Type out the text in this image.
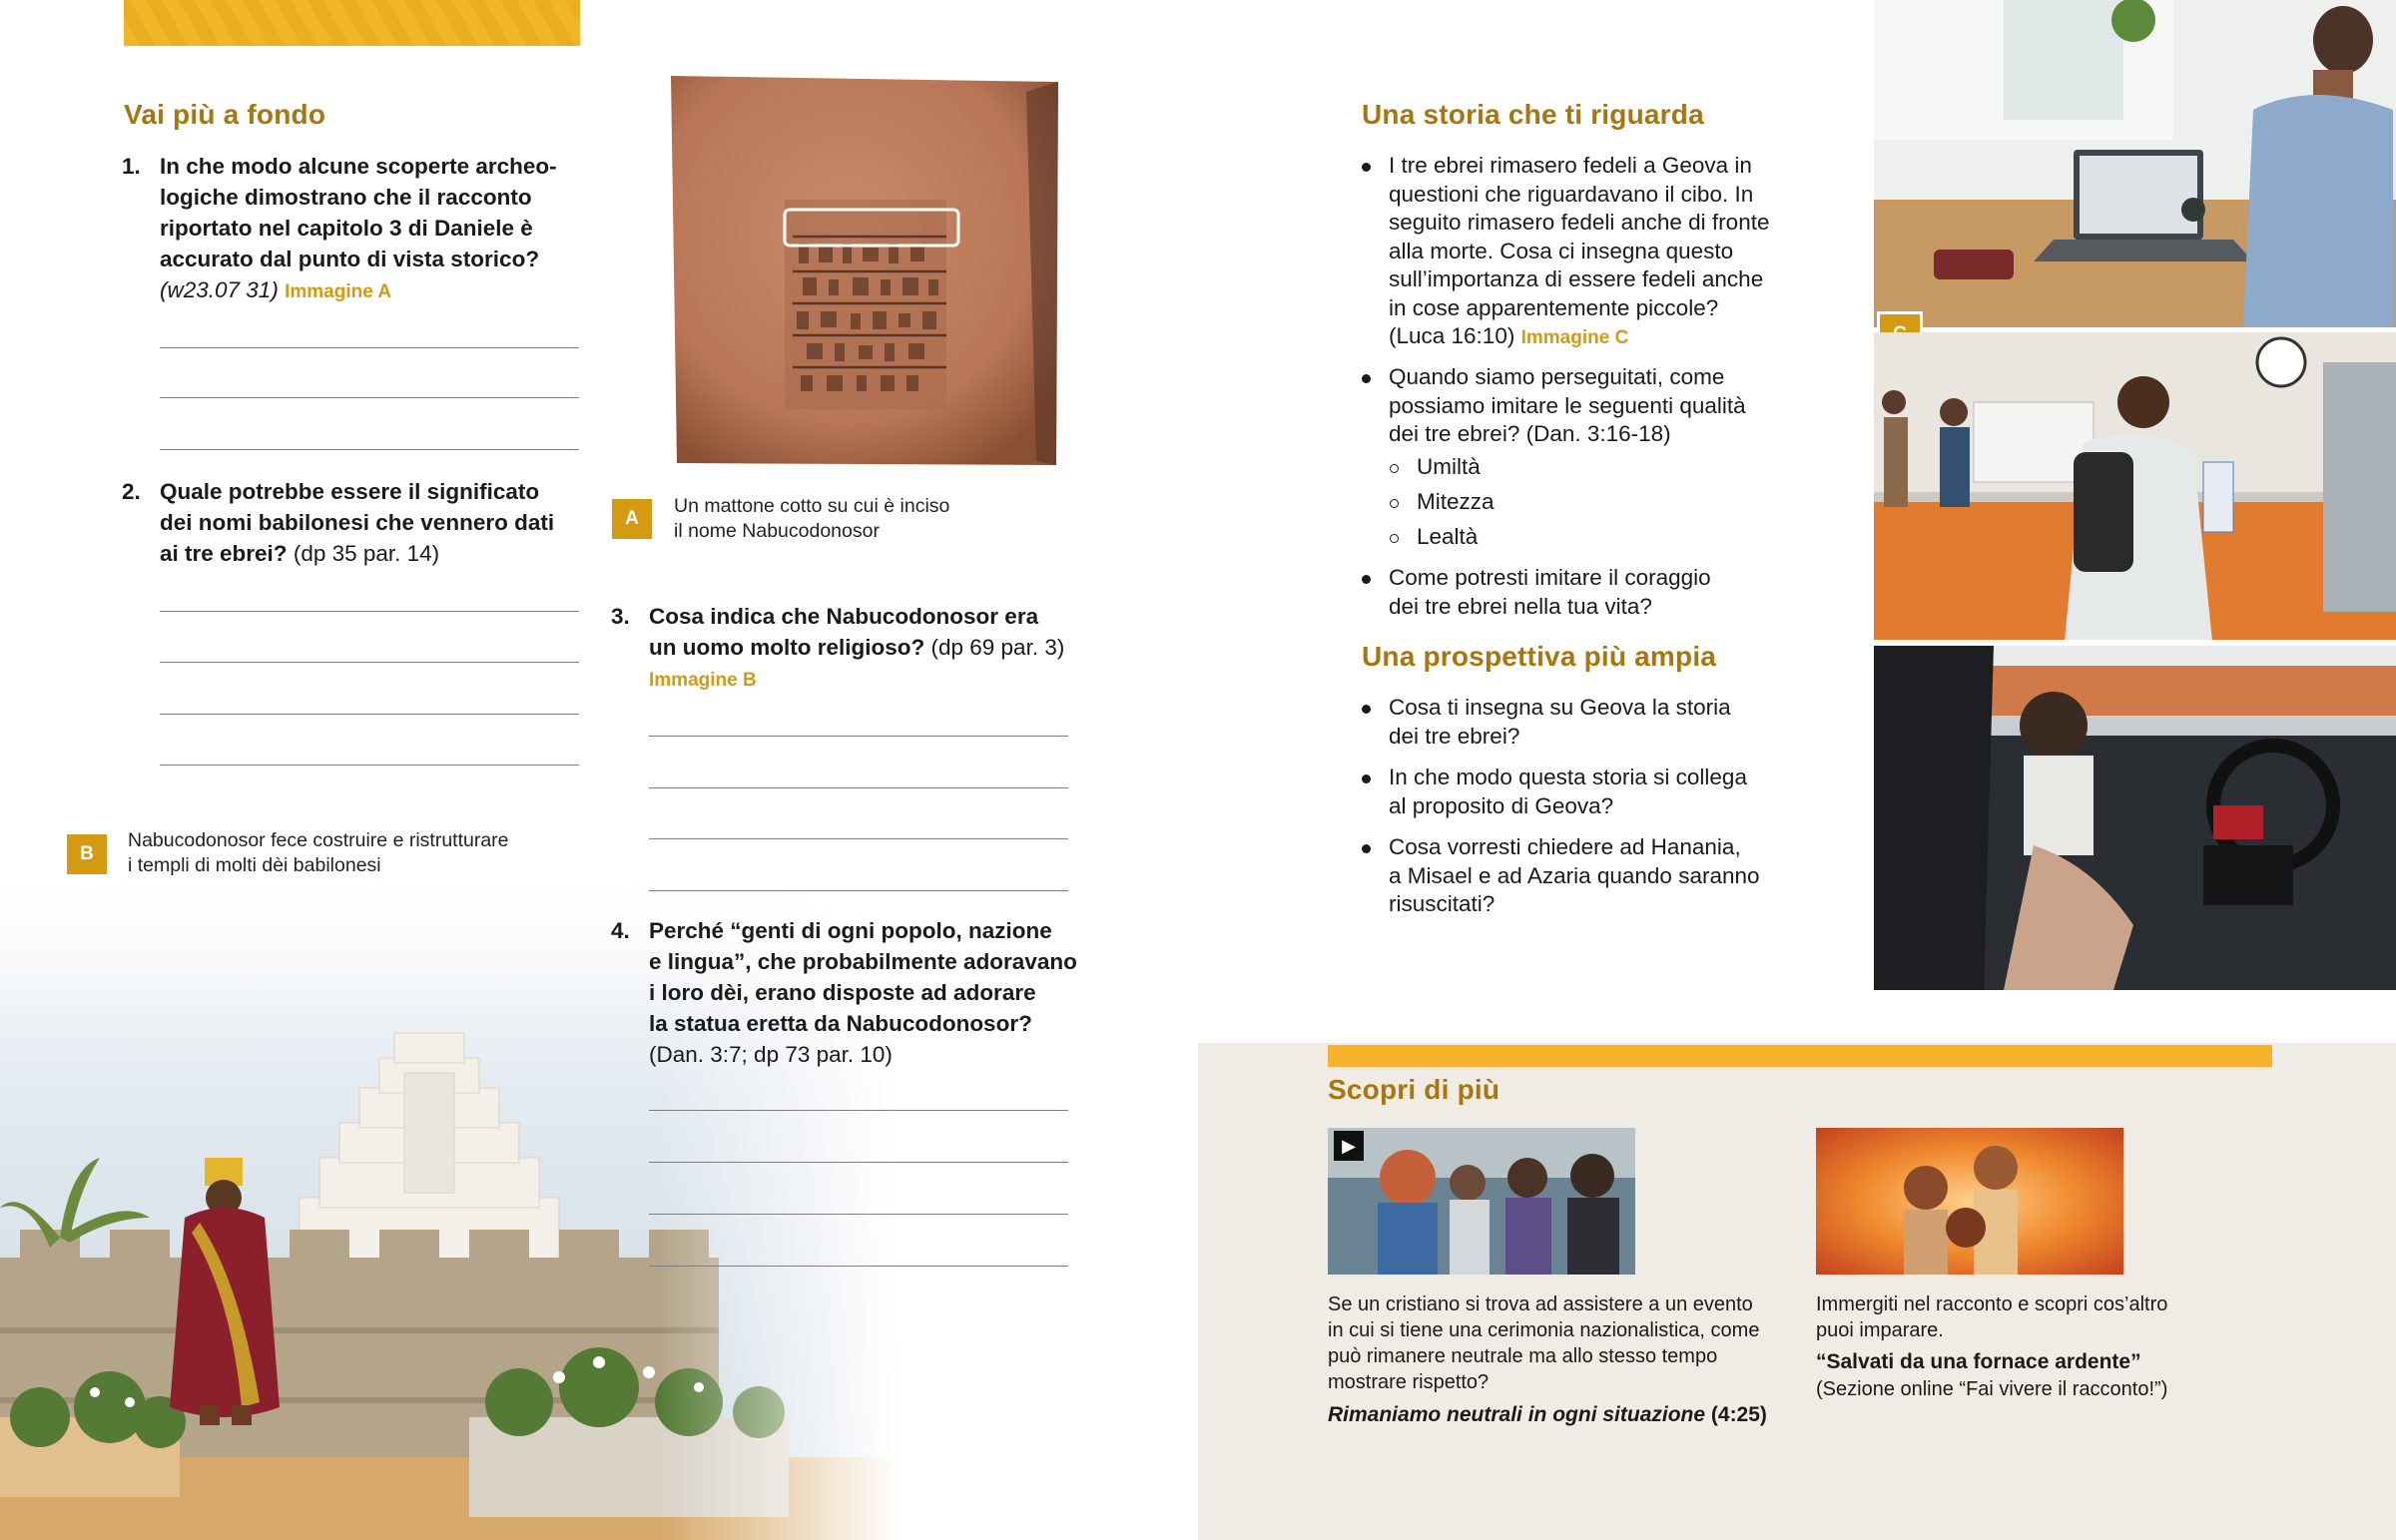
Vai più a fondo
1. In che modo alcune scoperte archeo-
logiche dimostrano che il racconto
riportato nel capitolo 3 di Daniele è
accurato dal punto di vista storico?
(w23.07 31) Immagine A
2. Quale potrebbe essere il significato
dei nomi babilonesi che vennero dati
ai tre ebrei? (dp 35 par. 14)
B
Nabucodonosor fece costruire e ristrutturare
i templi di molti dèi babilonesi
A
Un mattone cotto su cui è inciso
il nome Nabucodonosor
3. Cosa indica che Nabucodonosor era
un uomo molto religioso? (dp 69 par. 3)
Immagine B
4. Perché “genti di ogni popolo, nazione
e lingua”, che probabilmente adoravano
i loro dèi, erano disposte ad adorare
la statua eretta da Nabucodonosor?
(Dan. 3:7; dp 73 par. 10)
Una storia che ti riguarda
I tre ebrei rimasero fedeli a Geova in
questioni che riguardavano il cibo. In
seguito rimasero fedeli anche di fronte
alla morte. Cosa ci insegna questo
sull’importanza di essere fedeli anche
in cose apparentemente piccole?
(Luca 16:10) Immagine C
Quando siamo perseguitati, come
possiamo imitare le seguenti qualità
dei tre ebrei? (Dan. 3:16-18)
Umiltà
Mitezza
Lealtà
Come potresti imitare il coraggio
dei tre ebrei nella tua vita?
Una prospettiva più ampia
Cosa ti insegna su Geova la storia
dei tre ebrei?
In che modo questa storia si collega
al proposito di Geova?
Cosa vorresti chiedere ad Hanania,
a Misael e ad Azaria quando saranno
risuscitati?
Scopri di più
▶
Se un cristiano si trova ad assistere a un evento
in cui si tiene una cerimonia nazionalistica, come
può rimanere neutrale ma allo stesso tempo
mostrare rispetto?
Rimaniamo neutrali in ogni situazione (4:25)
Immergiti nel racconto e scopri cos’altro
puoi imparare.
“Salvati da una fornace ardente”
(Sezione online “Fai vivere il racconto!”)
